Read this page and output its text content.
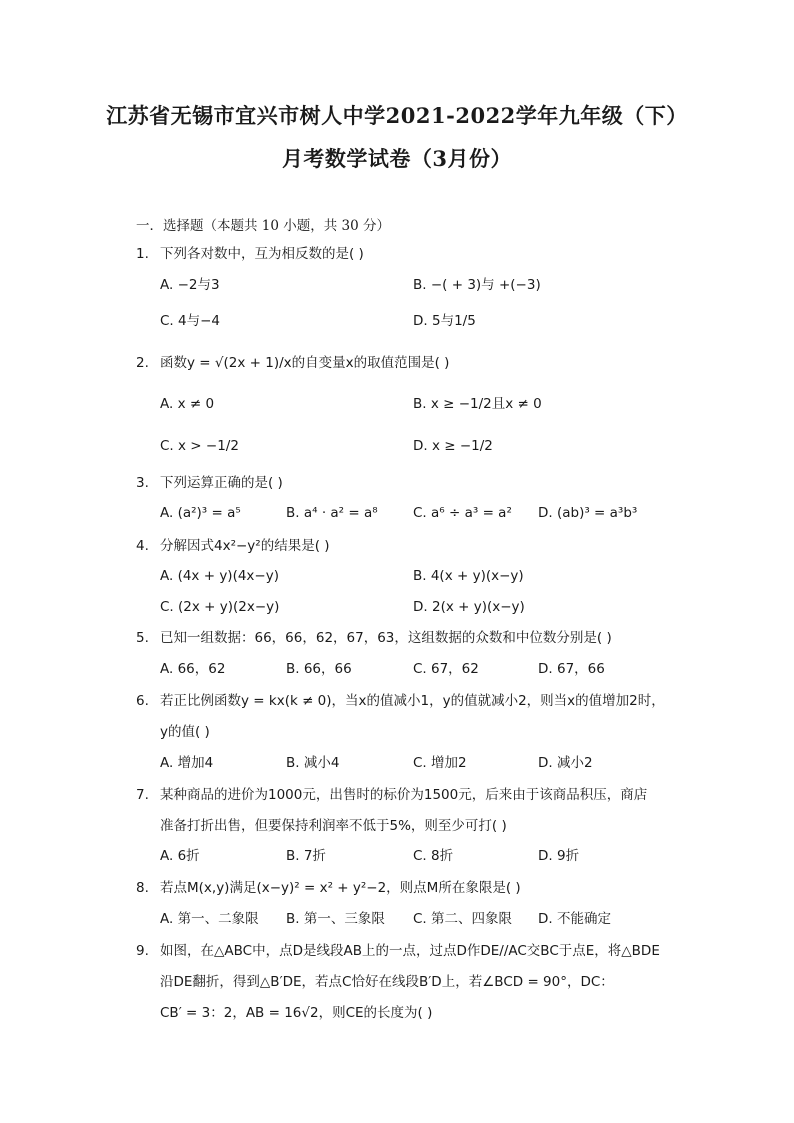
江苏省无锡市宜兴市树人中学2021-2022学年九年级（下）
月考数学试卷（3月份）
一．选择题（本题共 10 小题，共 30 分）
1. 下列各对数中，互为相反数的是( )
A. −2与3	B. −( + 3)与 +(−3)
C. 4与−4	D. 5与1/5
2. 函数y = √(2x + 1)/x的自变量x的取值范围是( )
A. x ≠ 0	B. x ≥ −1/2且x ≠ 0
C. x > −1/2	D. x ≥ −1/2
3. 下列运算正确的是( )
A. (a²)³ = a⁵	B. a⁴ · a² = a⁸	C. a⁶ ÷ a³ = a² D. (ab)³ = a³b³
4. 分解因式4x²−y²的结果是( )
A. (4x + y)(4x−y)	B. 4(x + y)(x−y)
C. (2x + y)(2x−y)	D. 2(x + y)(x−y)
5. 已知一组数据：66，66，62，67，63，这组数据的众数和中位数分别是( )
A. 66，62	B. 66，66	C. 67，62	D. 67，66
6. 若正比例函数y = kx(k ≠ 0)，当x的值减小1，y的值就减小2，则当x的值增加2时，
y的值( )
A. 增加4	B. 减小4	C. 增加2	D. 减小2
7. 某种商品的进价为1000元，出售时的标价为1500元，后来由于该商品积压，商店
准备打折出售，但要保持利润率不低于5%，则至少可打( )
A. 6折	B. 7折	C. 8折	D. 9折
8. 若点M(x,y)满足(x−y)² = x² + y²−2，则点M所在象限是( )
A. 第一、二象限 B. 第一、三象限 C. 第二、四象限 D. 不能确定
9. 如图，在△ABC中，点D是线段AB上的一点，过点D作DE//AC交BC于点E，将△BDE
沿DE翻折，得到△B′DE，若点C恰好在线段B′D上，若∠BCD = 90°，DC：
CB′ = 3：2，AB = 16√2，则CE的长度为( )
